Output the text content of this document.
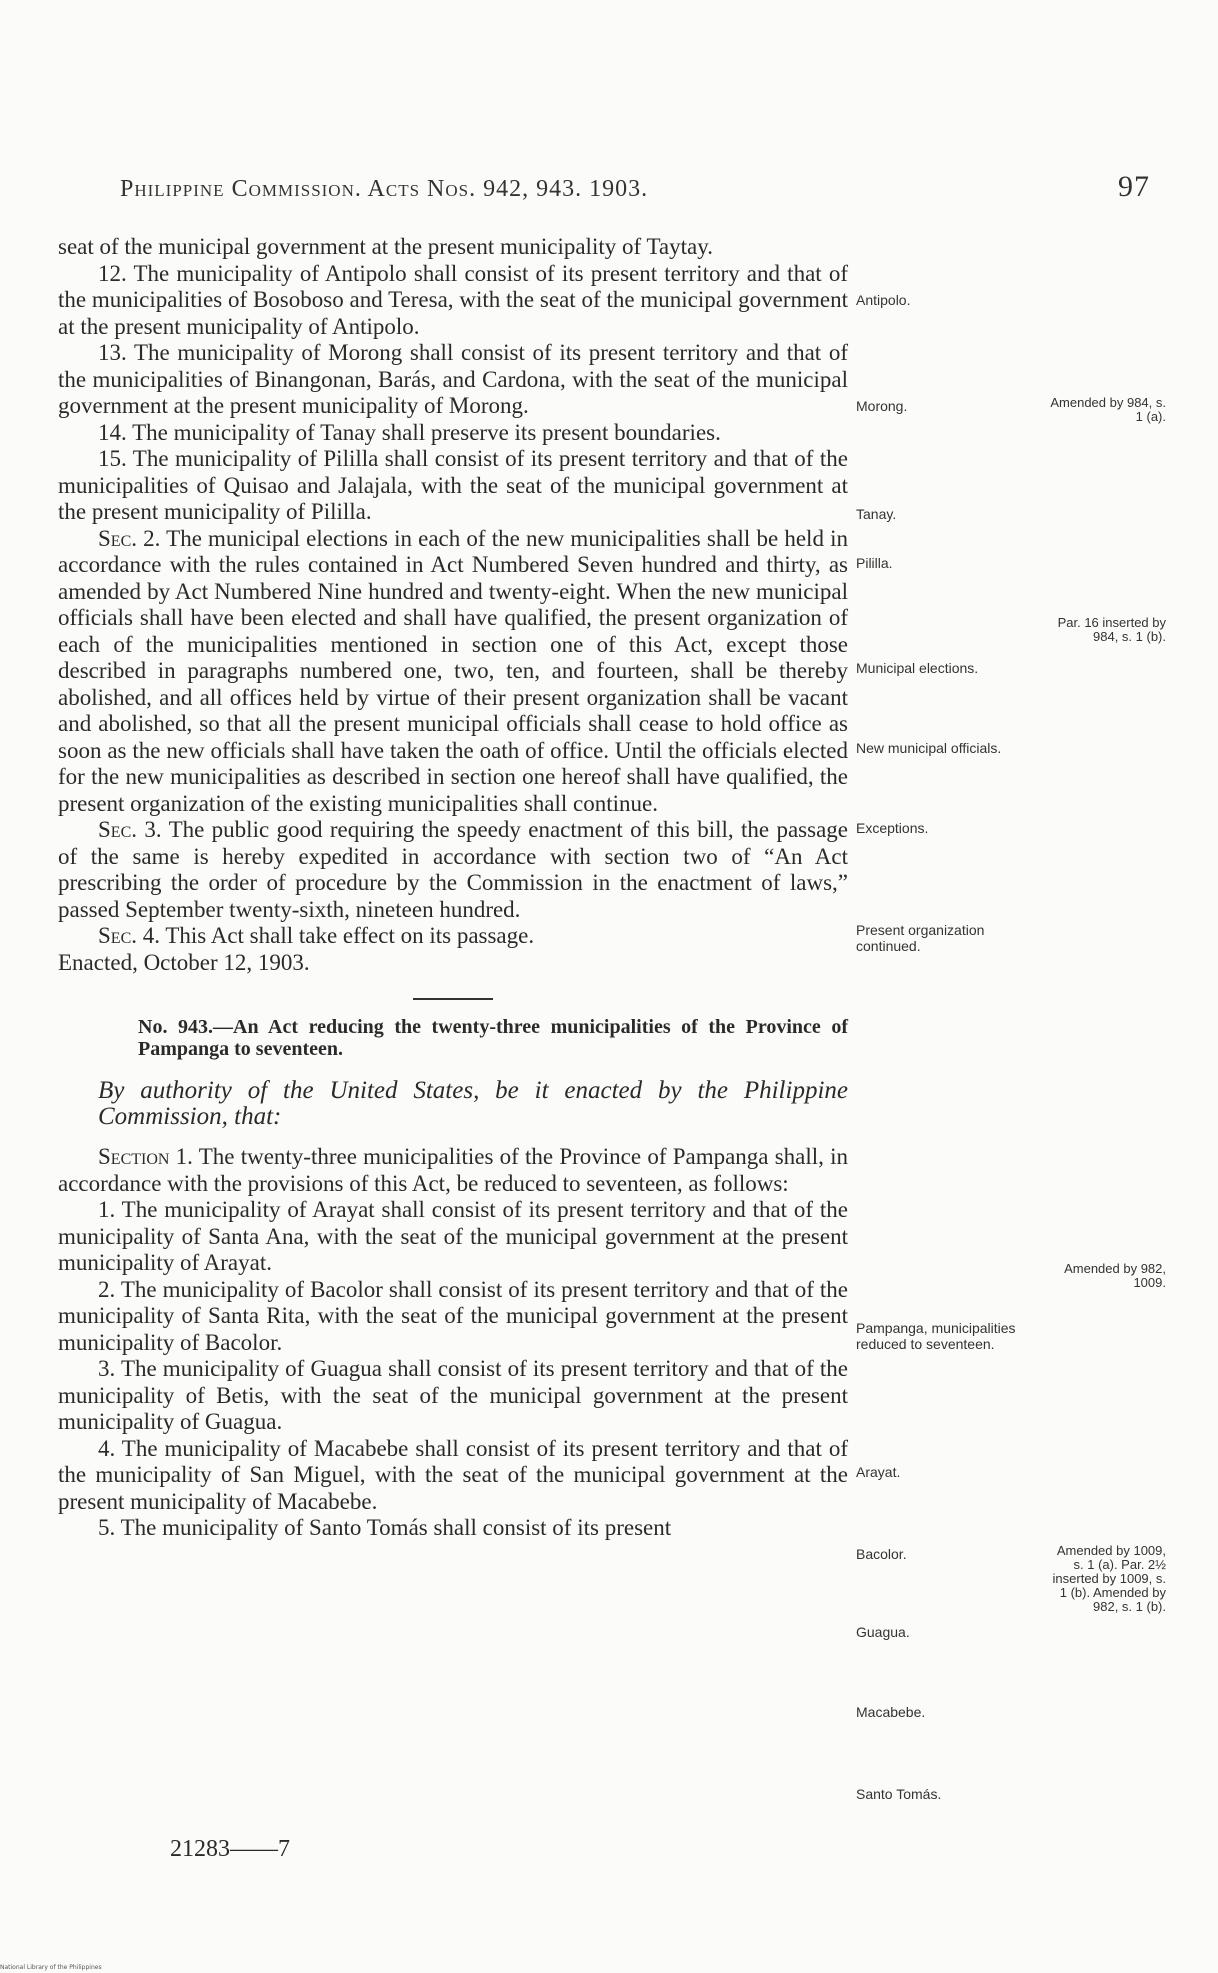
Philippine Commission. Acts Nos. 942, 943. 1903.	97

seat of the municipal government at the present municipality of Taytay.

12. The municipality of Antipolo shall consist of its present territory and that of the municipalities of Bosoboso and Teresa, with the seat of the municipal government at the present municipality of Antipolo.

13. The municipality of Morong shall consist of its present territory and that of the municipalities of Binangonan, Barás, and Cardona, with the seat of the municipal government at the present municipality of Morong.

14. The municipality of Tanay shall preserve its present boundaries.

15. The municipality of Pililla shall consist of its present territory and that of the municipalities of Quisao and Jalajala, with the seat of the municipal government at the present municipality of Pililla.

Sec. 2. The municipal elections in each of the new municipalities shall be held in accordance with the rules contained in Act Numbered Seven hundred and thirty, as amended by Act Numbered Nine hundred and twenty-eight. When the new municipal officials shall have been elected and shall have qualified, the present organization of each of the municipalities mentioned in section one of this Act, except those described in paragraphs numbered one, two, ten, and fourteen, shall be thereby abolished, and all offices held by virtue of their present organization shall be vacant and abolished, so that all the present municipal officials shall cease to hold office as soon as the new officials shall have taken the oath of office. Until the officials elected for the new municipalities as described in section one hereof shall have qualified, the present organization of the existing municipalities shall continue.

Sec. 3. The public good requiring the speedy enactment of this bill, the passage of the same is hereby expedited in accordance with section two of “An Act prescribing the order of procedure by the Commission in the enactment of laws,” passed September twenty-sixth, nineteen hundred.

Sec. 4. This Act shall take effect on its passage.

Enacted, October 12, 1903.

No. 943.—An Act reducing the twenty-three municipalities of the Province of Pampanga to seventeen.

By authority of the United States, be it enacted by the Philippine Commission, that:

Section 1. The twenty-three municipalities of the Province of Pampanga shall, in accordance with the provisions of this Act, be reduced to seventeen, as follows:

1. The municipality of Arayat shall consist of its present territory and that of the municipality of Santa Ana, with the seat of the municipal government at the present municipality of Arayat.

2. The municipality of Bacolor shall consist of its present territory and that of the municipality of Santa Rita, with the seat of the municipal government at the present municipality of Bacolor.

3. The municipality of Guagua shall consist of its present territory and that of the municipality of Betis, with the seat of the municipal government at the present municipality of Guagua.

4. The municipality of Macabebe shall consist of its present territory and that of the municipality of San Miguel, with the seat of the municipal government at the present municipality of Macabebe.

5. The municipality of Santo Tomás shall consist of its present

Antipolo.
Morong.
Tanay.
Pililla.
Municipal elections.
New municipal officials.
Exceptions.
Present organization continued.
Pampanga, municipalities reduced to seventeen.
Arayat.
Bacolor.
Guagua.
Macabebe.
Santo Tomás.
Amended by 984, s. 1 (a).
Par. 16 inserted by 984, s. 1 (b).
Amended by 982, 1009.
Amended by 1009, s. 1 (a). Par. 2½ inserted by 1009, s. 1 (b). Amended by 982, s. 1 (b).
21283——7
National Library of the Philippines
